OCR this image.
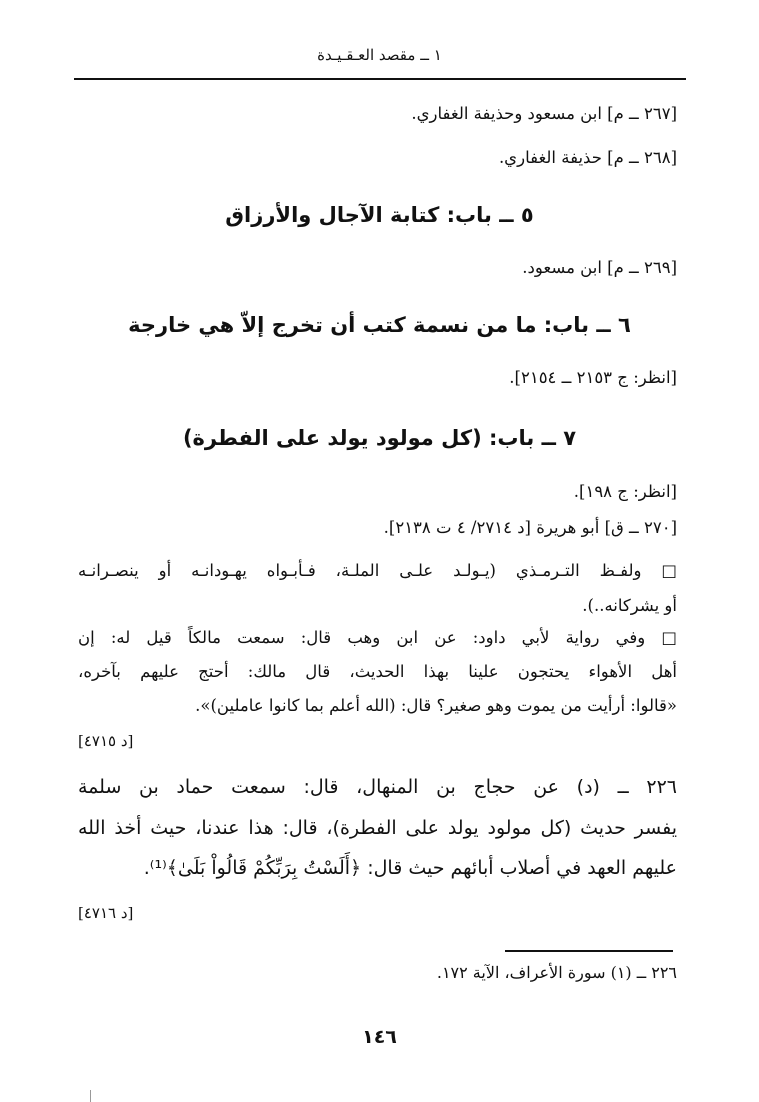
١ ــ مقصد العـقـيـدة
[٢٦٧ ــ م] ابن مسعود وحذيفة الغفاري.
[٢٦٨ ــ م] حذيفة الغفاري.
٥ ــ باب: كتابة الآجال والأرزاق
[٢٦٩ ــ م] ابن مسعود.
٦ ــ باب: ما من نسمة كتب أن تخرج إلاّ هي خارجة
[انظر: ج ٢١٥٣ ــ ٢١٥٤].
٧ ــ باب: (كل مولود يولد على الفطرة)
[انظر: ج ١٩٨].
[٢٧٠ ــ ق] أبو هريرة [د ٢٧١٤/ ٤ ت ٢١٣٨].
□ ولفـظ التـرمـذي (يـولـد علـى الملـة، فـأبـواه يهـودانـه أو ينصـرانـه
أو يشركانه..).
□ وفي رواية لأبي داود: عن ابن وهب قال: سمعت مالكاً قيل له: إن
أهل الأهواء يحتجون علينا بهذا الحديث، قال مالك: أحتج عليهم بآخره،
«قالوا: أرأيت من يموت وهو صغير؟ قال: (الله أعلم بما كانوا عاملين)».
[د ٤٧١٥]
٢٢٦ ــ (د) عن حجاج بن المنهال، قال: سمعت حماد بن سلمة
يفسر حديث (كل مولود يولد على الفطرة)، قال: هذا عندنا، حيث أخذ الله
عليهم العهد في أصلاب أبائهم حيث قال: ﴿أَلَسْتُ بِرَبِّكُمْ قَالُواْ بَلَىٰ﴾⁽¹⁾.
[د ٤٧١٦]
٢٢٦ ــ (١) سورة الأعراف، الآية ١٧٢.
١٤٦
